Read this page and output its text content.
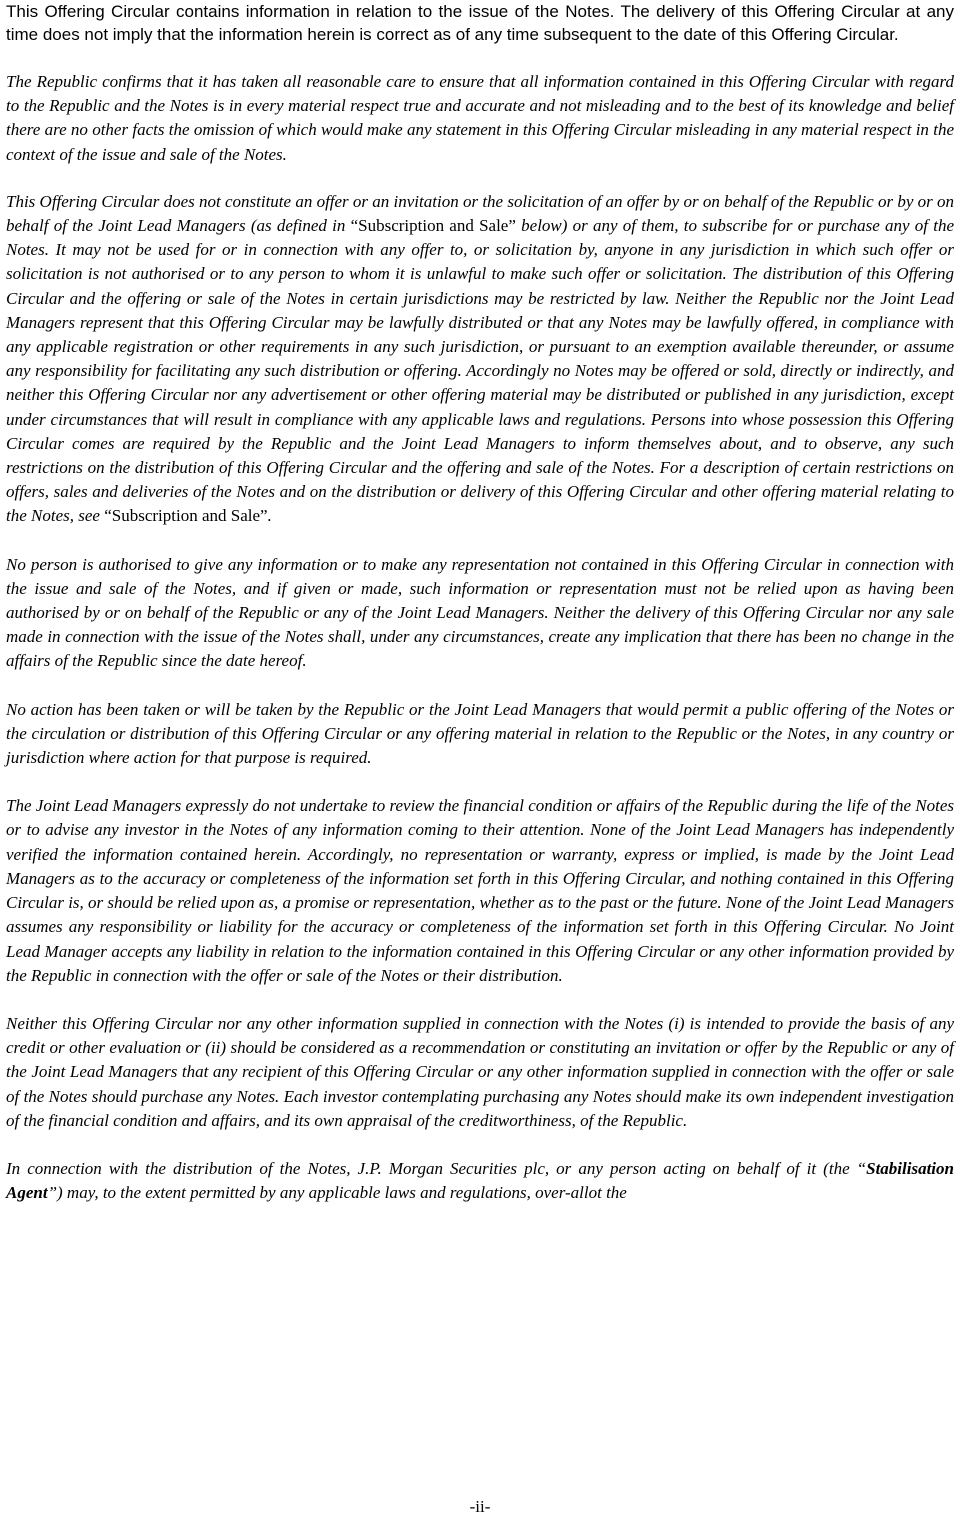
This Offering Circular contains information in relation to the issue of the Notes. The delivery of this Offering Circular at any time does not imply that the information herein is correct as of any time subsequent to the date of this Offering Circular.

The Republic confirms that it has taken all reasonable care to ensure that all information contained in this Offering Circular with regard to the Republic and the Notes is in every material respect true and accurate and not misleading and to the best of its knowledge and belief there are no other facts the omission of which would make any statement in this Offering Circular misleading in any material respect in the context of the issue and sale of the Notes.

This Offering Circular does not constitute an offer or an invitation or the solicitation of an offer by or on behalf of the Republic or by or on behalf of the Joint Lead Managers (as defined in “Subscription and Sale” below) or any of them, to subscribe for or purchase any of the Notes. It may not be used for or in connection with any offer to, or solicitation by, anyone in any jurisdiction in which such offer or solicitation is not authorised or to any person to whom it is unlawful to make such offer or solicitation. The distribution of this Offering Circular and the offering or sale of the Notes in certain jurisdictions may be restricted by law. Neither the Republic nor the Joint Lead Managers represent that this Offering Circular may be lawfully distributed or that any Notes may be lawfully offered, in compliance with any applicable registration or other requirements in any such jurisdiction, or pursuant to an exemption available thereunder, or assume any responsibility for facilitating any such distribution or offering. Accordingly no Notes may be offered or sold, directly or indirectly, and neither this Offering Circular nor any advertisement or other offering material may be distributed or published in any jurisdiction, except under circumstances that will result in compliance with any applicable laws and regulations. Persons into whose possession this Offering Circular comes are required by the Republic and the Joint Lead Managers to inform themselves about, and to observe, any such restrictions on the distribution of this Offering Circular and the offering and sale of the Notes. For a description of certain restrictions on offers, sales and deliveries of the Notes and on the distribution or delivery of this Offering Circular and other offering material relating to the Notes, see “Subscription and Sale”.

No person is authorised to give any information or to make any representation not contained in this Offering Circular in connection with the issue and sale of the Notes, and if given or made, such information or representation must not be relied upon as having been authorised by or on behalf of the Republic or any of the Joint Lead Managers. Neither the delivery of this Offering Circular nor any sale made in connection with the issue of the Notes shall, under any circumstances, create any implication that there has been no change in the affairs of the Republic since the date hereof.

No action has been taken or will be taken by the Republic or the Joint Lead Managers that would permit a public offering of the Notes or the circulation or distribution of this Offering Circular or any offering material in relation to the Republic or the Notes, in any country or jurisdiction where action for that purpose is required.

The Joint Lead Managers expressly do not undertake to review the financial condition or affairs of the Republic during the life of the Notes or to advise any investor in the Notes of any information coming to their attention. None of the Joint Lead Managers has independently verified the information contained herein. Accordingly, no representation or warranty, express or implied, is made by the Joint Lead Managers as to the accuracy or completeness of the information set forth in this Offering Circular, and nothing contained in this Offering Circular is, or should be relied upon as, a promise or representation, whether as to the past or the future. None of the Joint Lead Managers assumes any responsibility or liability for the accuracy or completeness of the information set forth in this Offering Circular. No Joint Lead Manager accepts any liability in relation to the information contained in this Offering Circular or any other information provided by the Republic in connection with the offer or sale of the Notes or their distribution.

Neither this Offering Circular nor any other information supplied in connection with the Notes (i) is intended to provide the basis of any credit or other evaluation or (ii) should be considered as a recommendation or constituting an invitation or offer by the Republic or any of the Joint Lead Managers that any recipient of this Offering Circular or any other information supplied in connection with the offer or sale of the Notes should purchase any Notes. Each investor contemplating purchasing any Notes should make its own independent investigation of the financial condition and affairs, and its own appraisal of the creditworthiness, of the Republic.

In connection with the distribution of the Notes, J.P. Morgan Securities plc, or any person acting on behalf of it (the “Stabilisation Agent”) may, to the extent permitted by any applicable laws and regulations, over-allot the

-ii-
